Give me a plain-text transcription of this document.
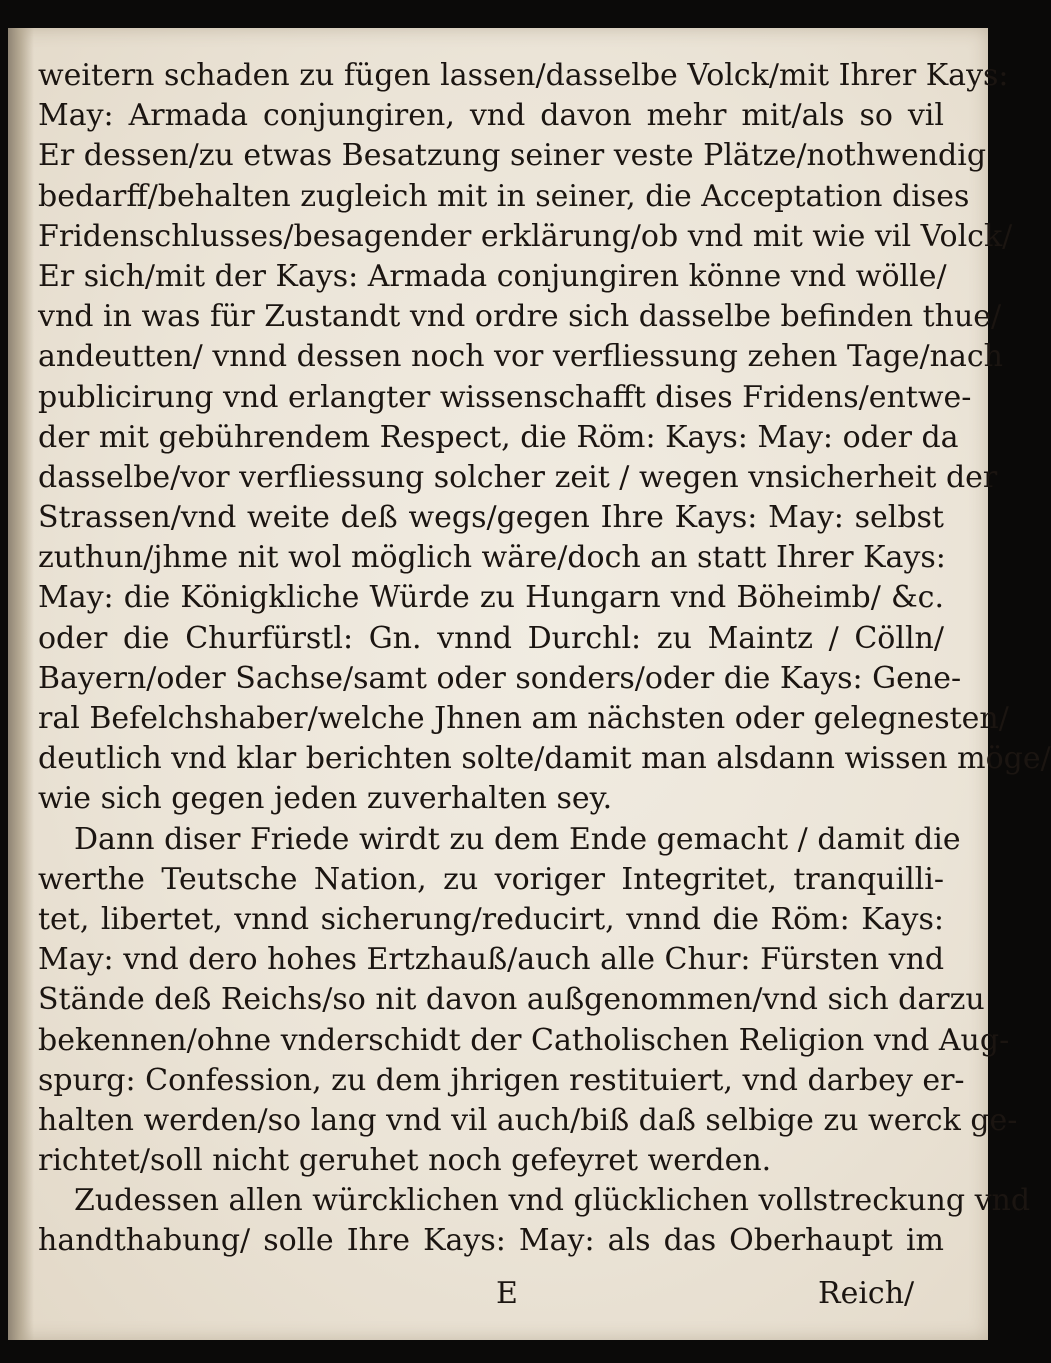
weitern schaden zu fügen lassen/dasselbe Volck/mit Ihrer Kays:
May: Armada conjungiren, vnd davon mehr mit/als so vil
Er dessen/zu etwas Besatzung seiner veste Plätze/nothwendig
bedarff/behalten zugleich mit in seiner, die Acceptation dises
Fridenschlusses/besagender erklärung/ob vnd mit wie vil Volck/
Er sich/mit der Kays: Armada conjungiren könne vnd wölle/
vnd in was für Zustandt vnd ordre sich dasselbe befinden thue/
andeutten/ vnnd dessen noch vor verfliessung zehen Tage/nach
publicirung vnd erlangter wissenschafft dises Fridens/entwe-
der mit gebührendem Respect, die Röm: Kays: May: oder da
dasselbe/vor verfliessung solcher zeit / wegen vnsicherheit der
Strassen/vnd weite deß wegs/gegen Ihre Kays: May: selbst
zuthun/jhme nit wol möglich wäre/doch an statt Ihrer Kays:
May: die Königkliche Würde zu Hungarn vnd Böheimb/ &c.
oder die Churfürstl: Gn. vnnd Durchl: zu Maintz / Cölln/
Bayern/oder Sachse/samt oder sonders/oder die Kays: Gene-
ral Befelchshaber/welche Jhnen am nächsten oder gelegnesten/
deutlich vnd klar berichten solte/damit man alsdann wissen möge/
wie sich gegen jeden zuverhalten sey.
Dann diser Friede wirdt zu dem Ende gemacht / damit die
werthe Teutsche Nation, zu voriger Integritet, tranquilli-
tet, libertet, vnnd sicherung/reducirt, vnnd die Röm: Kays:
May: vnd dero hohes Ertzhauß/auch alle Chur: Fürsten vnd
Stände deß Reichs/so nit davon außgenommen/vnd sich darzu
bekennen/ohne vnderschidt der Catholischen Religion vnd Aug-
spurg: Confession, zu dem jhrigen restituiert, vnd darbey er-
halten werden/so lang vnd vil auch/biß daß selbige zu werck ge-
richtet/soll nicht geruhet noch gefeyret werden.
Zudessen allen würcklichen vnd glücklichen vollstreckung vnd
handthabung/ solle Ihre Kays: May: als das Oberhaupt im
E	Reich/
